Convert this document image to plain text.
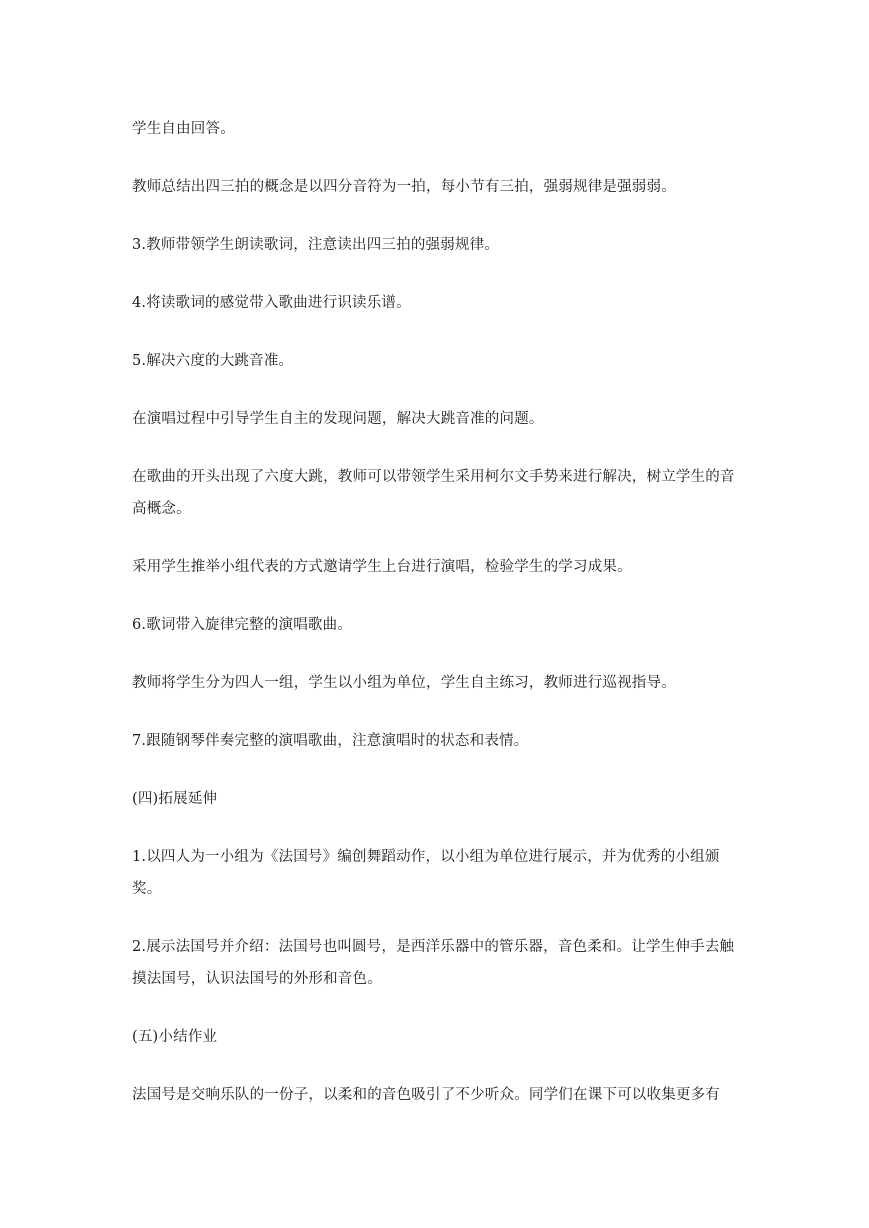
学生自由回答。

教师总结出四三拍的概念是以四分音符为一拍，每小节有三拍，强弱规律是强弱弱。

3.教师带领学生朗读歌词，注意读出四三拍的强弱规律。

4.将读歌词的感觉带入歌曲进行识读乐谱。

5.解决六度的大跳音准。

在演唱过程中引导学生自主的发现问题，解决大跳音准的问题。

在歌曲的开头出现了六度大跳，教师可以带领学生采用柯尔文手势来进行解决，树立学生的音高概念。

采用学生推举小组代表的方式邀请学生上台进行演唱，检验学生的学习成果。

6.歌词带入旋律完整的演唱歌曲。

教师将学生分为四人一组，学生以小组为单位，学生自主练习，教师进行巡视指导。

7.跟随钢琴伴奏完整的演唱歌曲，注意演唱时的状态和表情。

(四)拓展延伸

1.以四人为一小组为《法国号》编创舞蹈动作，以小组为单位进行展示，并为优秀的小组颁奖。

2.展示法国号并介绍：法国号也叫圆号，是西洋乐器中的管乐器，音色柔和。让学生伸手去触摸法国号，认识法国号的外形和音色。

(五)小结作业

法国号是交响乐队的一份子，以柔和的音色吸引了不少听众。同学们在课下可以收集更多有
